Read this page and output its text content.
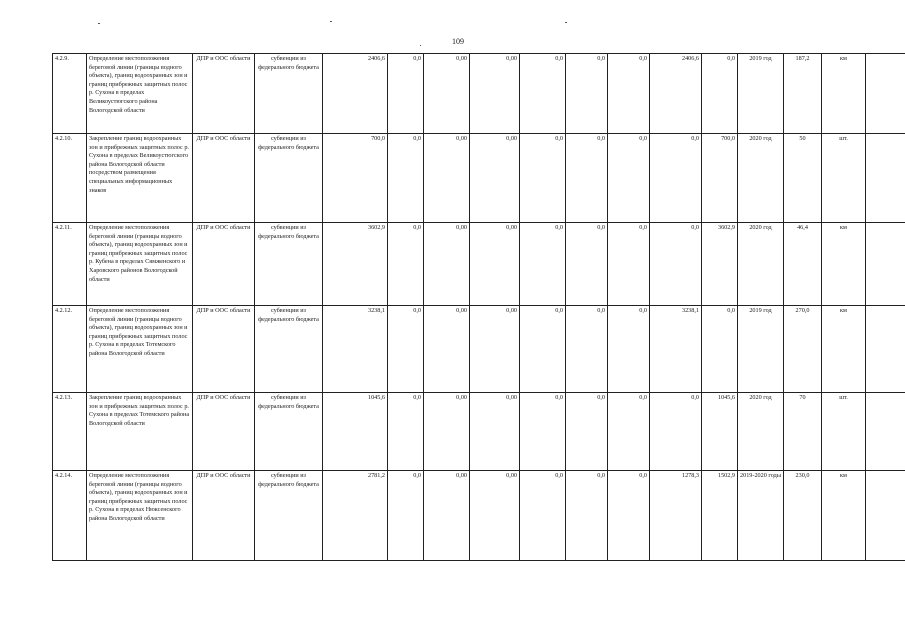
109
4.2.9.	Определение местоположения береговой линии (границы водного объекта), границ водоохранных зон и границ прибрежных защитных полос р. Сухона в пределах Великоустюгского района Вологодской области	ДПР и ООС области	субвенции из федерального бюджета	2406,6	0,0	0,00	0,00	0,0	0,0	0,0	2406,6	0,0	2019 год	187,2	км	
4.2.10.	Закрепление границ водоохранных зон и прибрежных защитных полос р. Сухона в пределах Великоустюгского района Вологодской области посредством размещения специальных информационных знаков	ДПР и ООС области	субвенции из федерального бюджета	700,0	0,0	0,00	0,00	0,0	0,0	0,0	0,0	700,0	2020 год	50	шт.	
4.2.11.	Определение местоположения береговой линии (границы водного объекта), границ водоохранных зон и границ прибрежных защитных полос р. Кубена в пределах Сямженского и Харовского районов Вологодской области	ДПР и ООС области	субвенции из федерального бюджета	3602,9	0,0	0,00	0,00	0,0	0,0	0,0	0,0	3602,9	2020 год	46,4	км	
4.2.12.	Определение местоположения береговой линии (границы водного объекта), границ водоохранных зон и границ прибрежных защитных полос р. Сухона в пределах Тотемского района Вологодской области	ДПР и ООС области	субвенции из федерального бюджета	3238,1	0,0	0,00	0,00	0,0	0,0	0,0	3238,1	0,0	2019 год	270,0	км	
4.2.13.	Закрепление границ водоохранных зон и прибрежных защитных полос р. Сухона в пределах Тотемского района Вологодской области	ДПР и ООС области	субвенции из федерального бюджета	1045,6	0,0	0,00	0,00	0,0	0,0	0,0	0,0	1045,6	2020 год	70	шт.	
4.2.14.	Определение местоположения береговой линии (границы водного объекта), границ водоохранных зон и границ прибрежных защитных полос р. Сухона в пределах Нюксенского района Вологодской области	ДПР и ООС области	субвенции из федерального бюджета	2781,2	0,0	0,00	0,00	0,0	0,0	0,0	1278,3	1502,9	2019-2020 годы	230,0	км	
